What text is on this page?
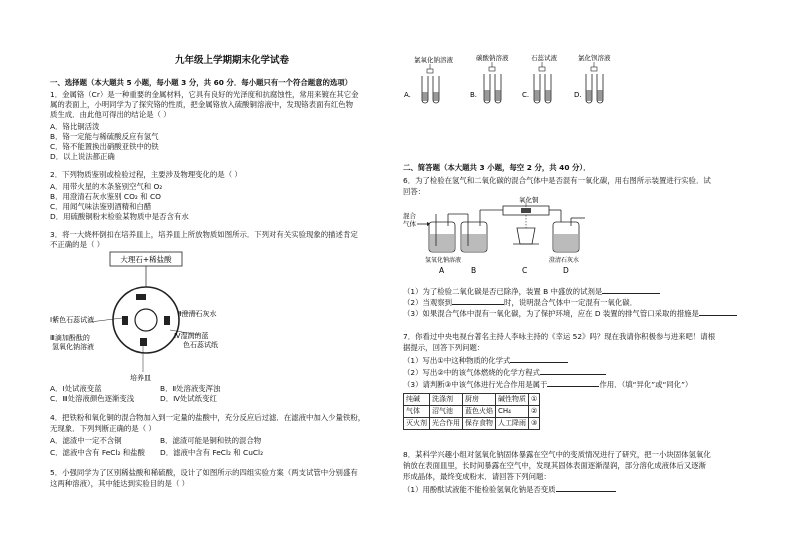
九年级上学期期末化学试卷
一、选择题（本大题共 5 小题，每小题 3 分，共 60 分．每小题只有一个符合题意的选项）
1．金属铬（Cr）是一种重要的金属材料，它具有良好的光泽度和抗腐蚀性，常用来镀在其它金
属的表面上，小明同学为了探究铬的性质，把金属铬放入硫酸铜溶液中，发现铬表面有红色物
质生成．由此他可得出的结论是（ ）
A．铬比铜活泼
B．铬一定能与稀硫酸反应有氢气
C．铬不能置换出硝酸亚铁中的铁
D．以上说法都正确
2．下列物质鉴别或检验过程，主要涉及物理变化的是（ ）
A．用带火星的木条鉴别空气和 O₂
B．用澄清石灰水鉴别 CO₂ 和 CO
C．用闻气味法鉴别酒精和白醋
D．用硫酸铜粉末检验某物质中是否含有水
3．将一大烧杯倒扣在培养皿上，培养皿上所放物质如图所示．下列对有关实验现象的描述肯定
不正确的是（ ）
大理石+稀盐酸
Ⅰ紫色石蕊试液
Ⅱ澄清石灰水
Ⅲ滴加酚酞的
氢氧化钠溶液
Ⅳ湿润的蓝
色石蕊试纸
培养皿
A．Ⅰ处试液变蓝	B．Ⅱ处溶液变浑浊
C．Ⅲ处溶液颜色逐渐变浅	D．Ⅳ处试纸变红
4．把铁粉和氧化铜的混合物加入到一定量的盐酸中，充分反应后过滤．在滤液中加入少量铁粉，
无现象．下列判断正确的是（ ）
A．滤渣中一定不含铜	B．滤渣可能是铜和铁的混合物
C．滤液中含有 FeCl₂ 和盐酸 D．滤液中含有 FeCl₂ 和 CuCl₂
5．小强同学为了区别稀盐酸和稀硫酸，设计了如图所示的四组实验方案（两支试管中分别盛有
这两种溶液），其中能达到实验目的是（ ）
氯氧化钠溶液
A.
碳酸钠溶液
B.
石蕊试液
C.
氯化钡溶液
D.
二、简答题（本大题共 3 小题，每空 2 分，共 40 分）．
6．为了检验在氢气和二氧化碳的混合气体中是否混有一氧化碳，用右图所示装置进行实验．试
回答：
混合
气体
氧化铜
氢氧化钠溶液	澄清石灰水
A	B	C	D
（1）为了检验二氧化碳是否已除净，装置 B 中盛放的试剂是
（2）当观察到	时，说明混合气体中一定混有一氧化碳．
（3）如果混合气体中混有一氧化碳，为了保护环境，应在 D 装置的排气管口采取的措施是
7．你看过中央电视台著名主持人李咏主持的《幸运 52》吗？现在我请你积极参与进来吧！请根
据提示，回答下列问题：
（1）写出①中这种物质的化学式
（2）写出②中的该气体燃烧的化学方程式
（3）请判断③中该气体进行光合作用是属于	作用．（填“异化”或“同化”）
纯碱	洗涤剂	厨房	碱性物质	①
气体	沼气池	蓝色火焰	CH₄	②
灭火剂	光合作用	保存食物	人工降雨	③
8．某科学兴趣小组对氢氧化钠固体暴露在空气中的变质情况进行了研究，把一小块固体氢氧化
钠放在表面皿里，长时间暴露在空气中，发现其固体表面逐渐湿润，部分溶化成液体后又逐渐
形成晶体，最终变成粉末．请回答下列问题：
（1）用酚酞试液能不能检验氢氧化钠是否变质
